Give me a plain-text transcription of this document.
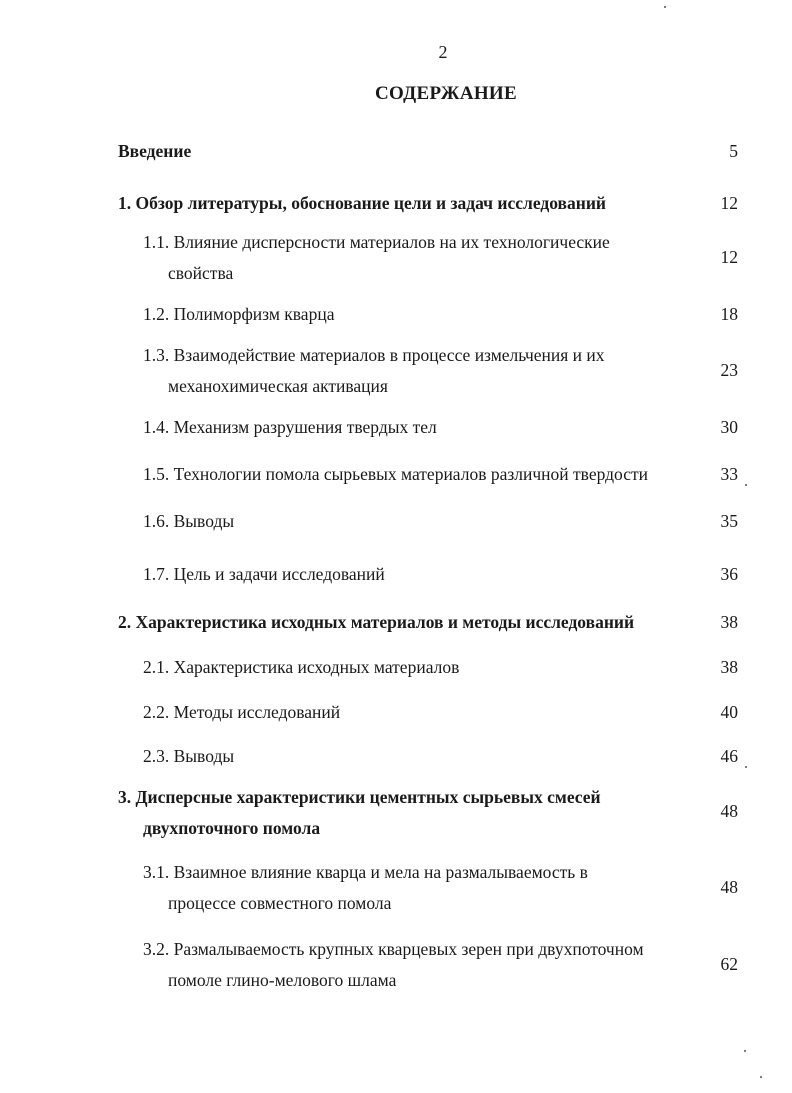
2
СОДЕРЖАНИЕ
Введение	5
1. Обзор литературы, обоснование цели и задач исследований	12
1.1. Влияние дисперсности материалов на их технологические
свойства
12
1.2. Полиморфизм кварца	18
1.3. Взаимодействие материалов в процессе измельчения и их
механохимическая активация
23
1.4. Механизм разрушения твердых тел	30
1.5. Технологии помола сырьевых материалов различной твердости	33
1.6. Выводы	35
1.7. Цель и задачи исследований	36
2. Характеристика исходных материалов и методы исследований	38
2.1. Характеристика исходных материалов	38
2.2. Методы исследований	40
2.3. Выводы	46
3. Дисперсные характеристики цементных сырьевых смесей
двухпоточного помола
48
3.1. Взаимное влияние кварца и мела на размалываемость в
процессе совместного помола
48
3.2. Размалываемость крупных кварцевых зерен при двухпоточном
помоле глино-мелового шлама
62
